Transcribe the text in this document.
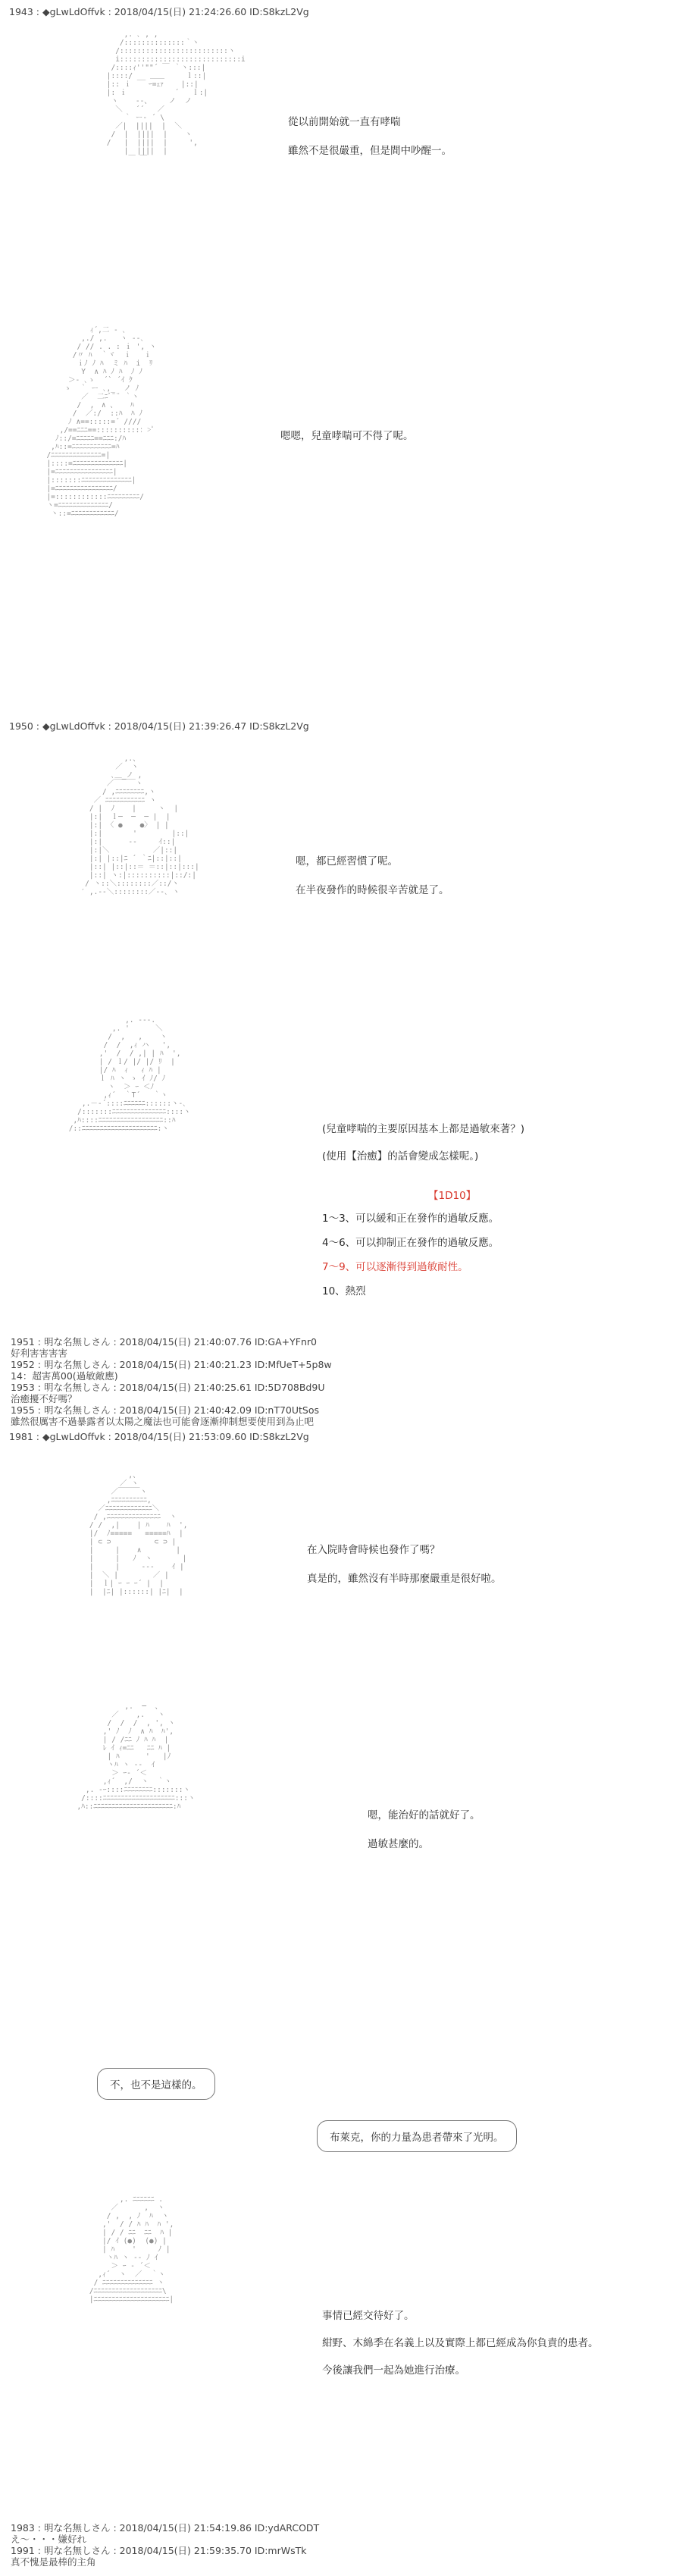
1943 : ◆gLwLdOffvk : 2018/04/15(日) 21:24:26.60 ID:S8kzL2Vg
,. ､ , ,
/::::::::::::::｀ヽ
/:::::::::::::::::::::::::ヽ
i::::::::::::::::::::::::::::i
/::::ｨ''""´ ￣ ｀ヽ:::|
|::::/ __ ＿＿     ｌ::|
|:: ｉ    ｰ=ｪｧ    |::|
|: ｉ           ´   ｌ:|
ヽ    ‐-、    ノ  ノ
＼   ´´   ／
｀ ー‐ ´ \
／|  ||||  |  ＼
/  |  ||||  |    ヽ
/   |  ||||  |     ',
|  ||||  |
￣ ￣
從以前開始就一直有哮喘
雖然不是很嚴重，但是間中吵醒一。
ｨ´,二 - ､
,./ ,.   ヽ ‐-､
/ // . . : ｉ ', ヽ
/〃 ﾊ  ｀ヾ  ｉ   ｉ
ｉﾉ ﾉ ﾊ  ミ ﾊ  i  ﾘ
Y  ∧ ﾊ ﾉ ﾊ  ﾉ ﾉ
＞- ､ゝ  ´` ´ｲ ｸ
ゝ  ｀ ー ､,_  ノ ﾉ
／  二ﾆﾞ¨¨ ｀ヽ
/  ,　∧ 、   ﾊ
/  ／:/  ::ﾊ  ﾊ ﾉ
ﾉ ∧==:::::=´ ////
,/==ﾆﾆﾆ==::::::::::：>ﾟ
ﾉ::/=ﾆﾆﾆﾆﾆ==ﾆﾆﾆ:/ﾊ
,ﾊ::=ﾆﾆﾆﾆﾆﾆﾆﾆﾆﾆﾆ=ﾊ
/ﾆﾆﾆﾆﾆﾆﾆﾆﾆﾆﾆﾆﾆﾆ=|
|::::=ﾆﾆﾆﾆﾆﾆﾆﾆﾆﾆﾆﾆﾆﾆ|
|=ﾆﾆﾆﾆﾆﾆﾆﾆﾆﾆﾆﾆﾆﾆﾆﾆ|
|:::::::ﾆﾆﾆﾆﾆﾆﾆﾆﾆﾆﾆﾆﾆﾆ|
|=ﾆﾆﾆﾆﾆﾆﾆﾆﾆﾆﾆﾆﾆﾆﾆﾆ/
|=::::::::::::ﾆﾆﾆﾆﾆﾆﾆﾆﾆ/
ヽ=ﾆﾆﾆﾆﾆﾆﾆﾆﾆﾆﾆﾆﾆﾆ/
ヽ::=ﾆﾆﾆﾆﾆﾆﾆﾆﾆﾆﾆﾆ/
嗯嗯，兒童哮喘可不得了呢。
1950 : ◆gLwLdOffvk : 2018/04/15(日) 21:39:26.47 ID:S8kzL2Vg
,.、
／  ヽ
､＿_ノ ,
／￣￣￣ヽ
/ ,ﾆﾆﾆﾆﾆﾆﾆﾆ,ヽ
／ ﾆﾆﾆﾆﾆﾆﾆﾆﾆﾆﾆ ヽ
/ |  ﾉ    |     ヽ  |
|:|  ｌ─  ─  ─ |  |
|:| 〈 ●    ●〉 | |
|:|       '        |::|
|:|      ‐‐     ｲ::|
|:|＼          ／|::|
|:| |::|ﾆ ´ ｀ﾆ|::|::|
|::| |::|::＝ ＝::|::|:::|
|::| ヽ:|::::::::::|::/:|
/ ヽ::＼::::::::／::/ヽ
′ ,.-‐＼::::::::／-‐､ ヽ
嗯，都已經習慣了呢。
在半夜發作的時候很辛苦就是了。
,. -‐-.
,. '      ＼
/  ,   ,    ヽ
/  /  ,ｨ ハ   ',
,'  /  / ,| | ﾊ  ',
| / ｌ/ |/ |/ ﾘ  |
|/ ﾊ  ｨ   ｨ ﾊ |
ｌ ﾊ ヽ ゝ ｲ ﾉ/ ﾉ
ヽ  ＞ ｰ ＜ﾉ
,ｨ´  ｀T´   ｀ヽ
,.－‐´::::ﾆﾆﾆﾆﾆﾆ::::::ヽ‐､
/:::::::ﾆﾆﾆﾆﾆﾆﾆﾆﾆﾆﾆﾆﾆﾆﾆ::::ヽ
,ﾊ::::ﾆﾆﾆﾆﾆﾆﾆﾆﾆﾆﾆﾆﾆﾆﾆﾆﾆﾆ::ﾊ
/::ﾆﾆﾆﾆﾆﾆﾆﾆﾆﾆﾆﾆﾆﾆﾆﾆﾆﾆﾆﾆﾆ:ヽ	(兒童哮喘的主要原因基本上都是過敏來著？)
(使用【治癒】的話會變成怎樣呢。)
【1D10】
1～3、可以緩和正在發作的過敏反應。
4～6、可以抑制正在發作的過敏反應。
7～9、可以逐漸得到過敏耐性。
10、熱烈
1951 : 明な名無しさん : 2018/04/15(日) 21:40:07.76 ID:GA+YFnr0
好利害害害害
1952 : 明な名無しさん : 2018/04/15(日) 21:40:21.23 ID:MfUeT+5p8w
14：超害萬00(過敏敵應)
1953 : 明な名無しさん : 2018/04/15(日) 21:40:25.61 ID:5D708Bd9U
治癒擾不好嗎？
1955 : 明な名無しさん : 2018/04/15(日) 21:40:42.09 ID:nT70UtSos
雖然很厲害不過暴露者以太陽之魔法也可能會逐漸抑制想要使用到為止吧
1981 : ◆gLwLdOffvk : 2018/04/15(日) 21:53:09.60 ID:S8kzL2Vg
,、
／ ヽ
／￣￣￣ヽ
,ﾆﾆﾆﾆﾆﾆﾆﾆﾆﾆ,
／ﾆﾆﾆﾆﾆﾆﾆﾆﾆﾆﾆﾆﾆ＼
/ ,ﾆﾆﾆﾆﾆﾆﾆﾆﾆﾆﾆﾆﾆﾆﾆ  ヽ
/ /  ,|    | ﾊ    ﾊ  ',
|/  ﾉ=====   =====ﾊ  |
| ⊂ ⊃          ⊂ ⊃ |
|     |    ∧        |
|     |   ﾉ  ヽ       |
|     |     ‐-‐    ｲ |
|  ＼ |        ／ |
|  ｌ| ｰ ｰ ｰ´ |  |
|  |ﾆ| |::::::| |ﾆ|  |
在入院時會時候也發作了嗎？
真是的，雖然沒有半時那麼嚴重是很好啦。
,.  ─  、
／    ,.   ヽ
/  /  /  , ', ヽ
,' ﾉ  ﾉ  ∧ ﾊ  ﾊ',
| / /ﾆﾆ ﾉ ﾊ ﾊ  |
ﾚ ｲ ｨ=ﾆﾆ   ﾆﾆ ﾊ |
| ﾊ      '   |ﾉ
ヽﾊ ヽ ‐‐  ｲ
＞ ｰ‐ ´＜
,ｨ´  ,/  ヽ  ｀ヽ
,. -ｰ::::ﾆﾆﾆﾆﾆﾆﾆﾆ:::::::ヽ
/::::ﾆﾆﾆﾆﾆﾆﾆﾆﾆﾆﾆﾆﾆﾆﾆﾆﾆﾆﾆﾆ:::ヽ
,ﾊ::ﾆﾆﾆﾆﾆﾆﾆﾆﾆﾆﾆﾆﾆﾆﾆﾆﾆﾆﾆﾆﾆﾆ:ﾊ
嗯，能治好的話就好了。
過敏甚麼的。
不，也不是這樣的。
布萊克，你的力量為患者帶來了光明。
,. ﾆﾆﾆﾆﾆﾆ .
／      ,  ヽ
/ ,  , ﾉ  ﾊ  ヽ
,'  / / ﾊ ﾊ  ﾊ ',
| / / ﾆﾆ  ﾆﾆ  ﾊ |
|/ ｲ (●)  (●) |
| ﾊ    '     ﾉ |
ヽﾊ ヽ ‐‐ ﾉ ｲ
＞ ｰ ‐ ´＜
,ｨ´  ヽ  ／  ｀ヽ
/ ﾆﾆﾆﾆﾆﾆﾆﾆﾆﾆﾆﾆﾆﾆ ヽ
/ﾆﾆﾆﾆﾆﾆﾆﾆﾆﾆﾆﾆﾆﾆﾆﾆﾆﾆﾆ\
|ﾆﾆﾆﾆﾆﾆﾆﾆﾆﾆﾆﾆﾆﾆﾆﾆﾆﾆﾆﾆﾆ|
事情已經交待好了。
紺野、木綿季在名義上以及實際上都已經成為你負責的患者。
今後讓我們一起為她進行治療。
1983 : 明な名無しさん : 2018/04/15(日) 21:54:19.86 ID:ydARCODT
え～・・・嫌好れ
1991 : 明な名無しさん : 2018/04/15(日) 21:59:35.70 ID:mrWsTk
真不愧是最棒的主角
